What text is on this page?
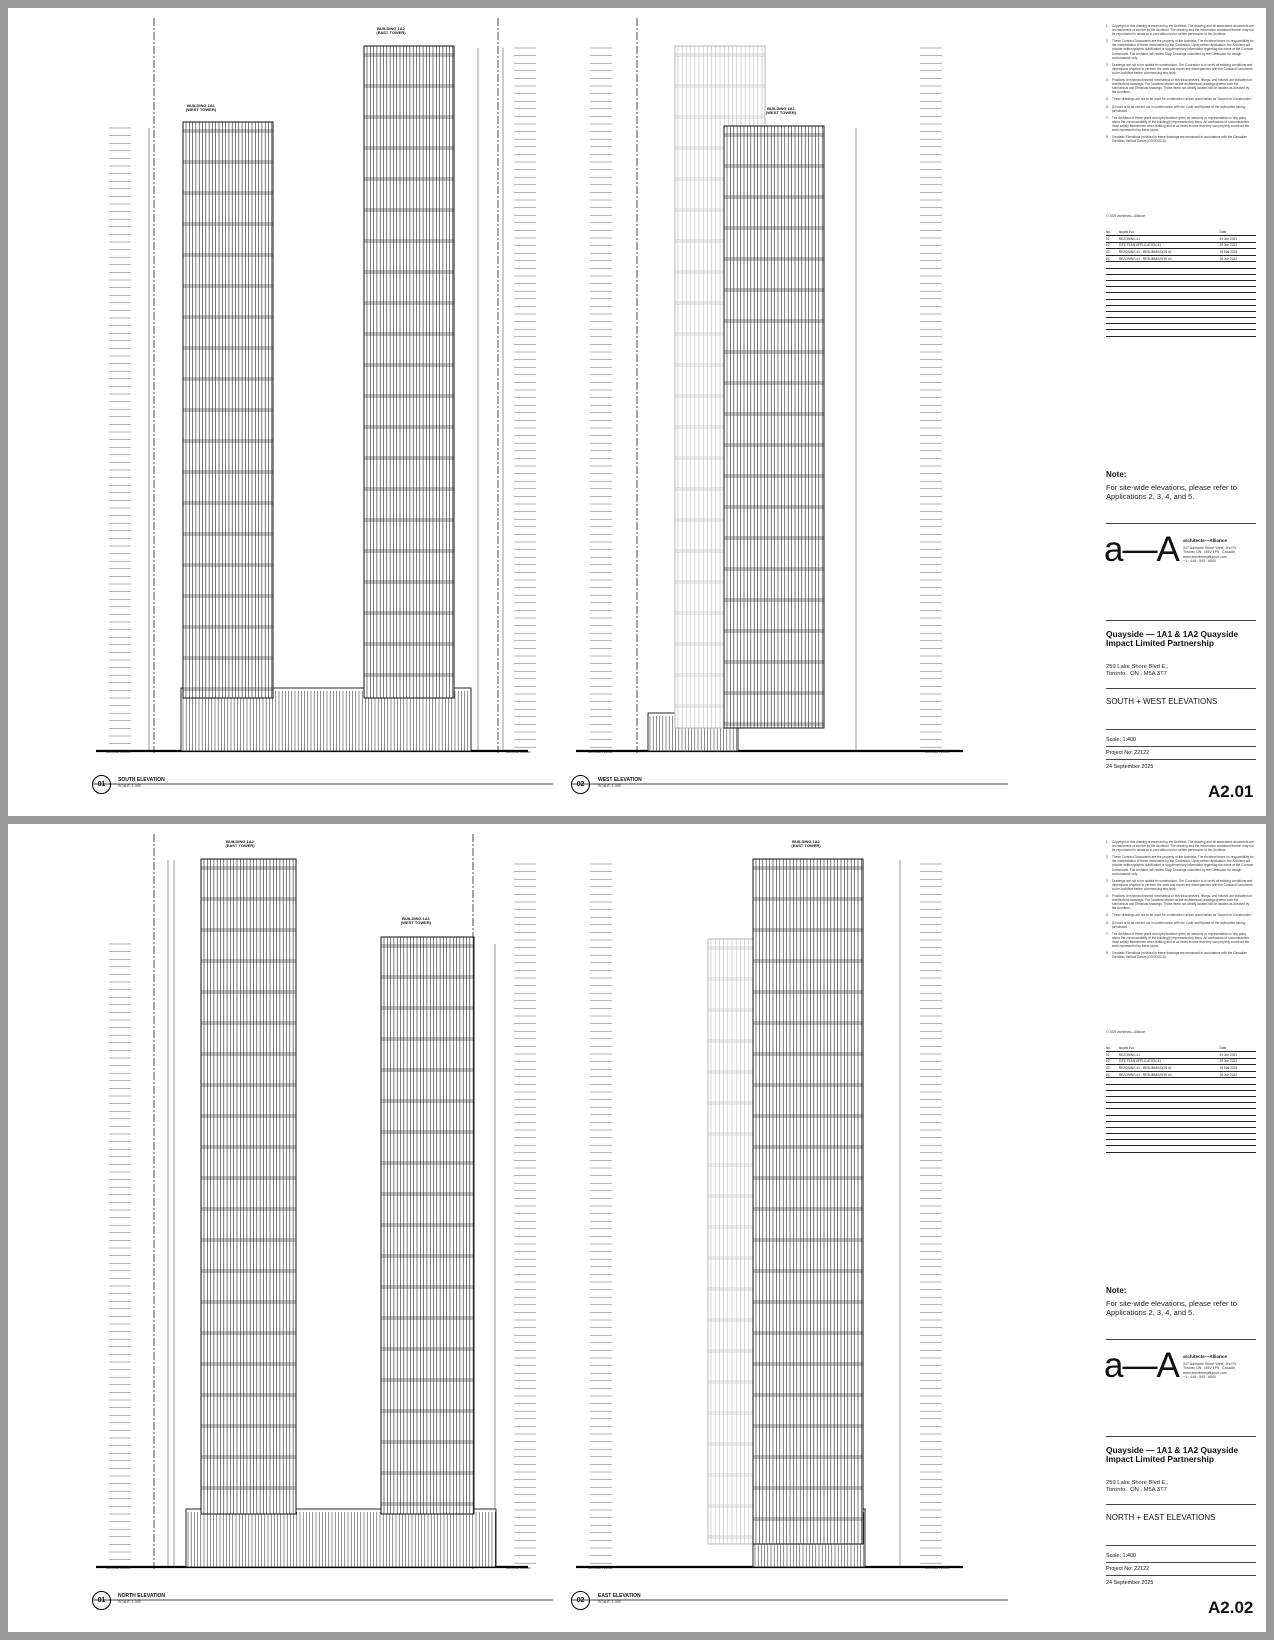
BUILDING 1A1
(WEST TOWER)
BUILDING 1A2
(EAST TOWER)
BUILDING 1A1
(WEST TOWER)
GROUND FLOOR	GROUND FLOOR	GROUND FLOOR	GROUND FLOOR
01
SOUTH ELEVATION
SCALE: 1:400	02
WEST ELEVATION
SCALE: 1:400
1. Copyright of this drawing is reserved by the Architect. The drawing and all associated documents are an instrument of service by the Architect. The drawing and the information contained therein may not be reproduced in whole or in part without prior written permission of the Architect.
2. These Contract Documents are the property of the Architect. The Architect bears no responsibility for the interpretation of these documents by the Contractor. Upon written application, the Architect will provide written/graphic clarification or supplementary information regarding the intent of the Contract Documents. The Architect will review Shop Drawings submitted by the Contractor for design conformance only.
3. Drawings are not to be scaled for construction. The Contractor is to verify all existing conditions and dimensions required to perform the work and report any discrepancies with the Contract Documents to the Architect before commencing any work.
4. Positions of exposed finished mechanical or electrical devices, fittings, and fixtures are indicated on architectural drawings. The locations shown on the architectural drawings govern over the Mechanical and Electrical drawings. Those items not clearly located will be located as directed by the Architect.
5. These drawings are not to be used for construction unless noted below as "Issued for Construction".
6. All work is to be carried out in conformance with the Code and Bylaws of the authorities having jurisdiction.
7. The Architect of these plans and specifications gives no warranty or representation to any party about the constructability of the building(s) represented by them. All contractors or subcontractors must satisfy themselves when bidding and at all times ensure that they can properly construct the work represented by these plans.
8. Geodetic Elevations provided in these drawings are measured in accordance with the Canadian Geodetic Vertical Datum (CGVD2013).
© 2025 architects—Alliance
No.	Issued For	Date
01	REZONING #1	29 Jun 2023
02	SITE PLAN APPLICATION #1	29 Jun 2023
03	REZONING #1 - RESUBMISSION #1	15 Mar 2024
04	REZONING #1 - RESUBMISSION #2	28 Jun 2024

Note:
For site-wide elevations, please refer to Applications 2, 3, 4, and 5.
a—A architects—Alliance
317 Adelaide Street West, 2nd Flr
Toronto ON . M5V 1P9 . Canada
www.architectsalliance.com
+1 . 416 . 593 . 6500
Quayside — 1A1 & 1A2 Quayside Impact Limited Partnership
259 Lake Shore Blvd E.,
Toronto . ON . M5A 3T7
SOUTH + WEST ELEVATIONS
Scale: 1:400
Project No: 22122
24 September 2025
A2.01
BUILDING 1A2
(EAST TOWER)
BUILDING 1A1
(WEST TOWER)
BUILDING 1A2
(EAST TOWER)
GROUND FLOOR	GROUND FLOOR	GROUND FLOOR	GROUND FLOOR
01
NORTH ELEVATION
SCALE: 1:400	02
EAST ELEVATION
SCALE: 1:400
1. Copyright of this drawing is reserved by the Architect. The drawing and all associated documents are an instrument of service by the Architect. The drawing and the information contained therein may not be reproduced in whole or in part without prior written permission of the Architect.
2. These Contract Documents are the property of the Architect. The Architect bears no responsibility for the interpretation of these documents by the Contractor. Upon written application, the Architect will provide written/graphic clarification or supplementary information regarding the intent of the Contract Documents. The Architect will review Shop Drawings submitted by the Contractor for design conformance only.
3. Drawings are not to be scaled for construction. The Contractor is to verify all existing conditions and dimensions required to perform the work and report any discrepancies with the Contract Documents to the Architect before commencing any work.
4. Positions of exposed finished mechanical or electrical devices, fittings, and fixtures are indicated on architectural drawings. The locations shown on the architectural drawings govern over the Mechanical and Electrical drawings. Those items not clearly located will be located as directed by the Architect.
5. These drawings are not to be used for construction unless noted below as "Issued for Construction".
6. All work is to be carried out in conformance with the Code and Bylaws of the authorities having jurisdiction.
7. The Architect of these plans and specifications gives no warranty or representation to any party about the constructability of the building(s) represented by them. All contractors or subcontractors must satisfy themselves when bidding and at all times ensure that they can properly construct the work represented by these plans.
8. Geodetic Elevations provided in these drawings are measured in accordance with the Canadian Geodetic Vertical Datum (CGVD2013).
© 2025 architects—Alliance
No.	Issued For	Date
01	REZONING #1	29 Jun 2023
02	SITE PLAN APPLICATION #1	29 Jun 2023
03	REZONING #1 - RESUBMISSION #1	15 Mar 2024
04	REZONING #1 - RESUBMISSION #2	28 Jun 2024

Note:
For site-wide elevations, please refer to Applications 2, 3, 4, and 5.
a—A architects—Alliance
317 Adelaide Street West, 2nd Flr
Toronto ON . M5V 1P9 . Canada
www.architectsalliance.com
+1 . 416 . 593 . 6500
Quayside — 1A1 & 1A2 Quayside Impact Limited Partnership
259 Lake Shore Blvd E.,
Toronto . ON . M5A 3T7
NORTH + EAST ELEVATIONS
Scale: 1:400
Project No: 22122
24 September 2025
A2.02
